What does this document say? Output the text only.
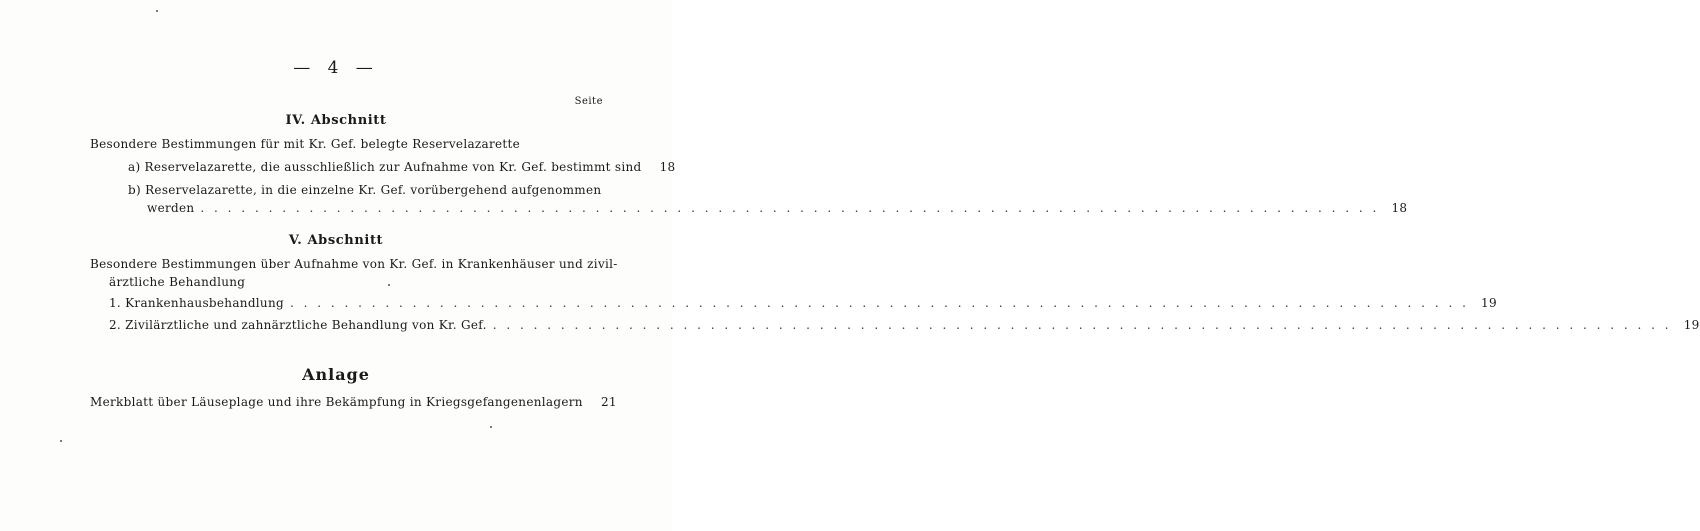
— 4 —
Seite
IV. Abschnitt
Besondere Bestimmungen für mit Kr. Gef. belegte Reservelazarette
a) Reservelazarette, die ausschließlich zur Aufnahme von Kr. Gef. bestimmt sind	18
b) Reservelazarette, in die einzelne Kr. Gef. vorübergehend aufgenommen
werden . . .	18
V. Abschnitt
Besondere Bestimmungen über Aufnahme von Kr. Gef. in Krankenhäuser und zivil-
ärztliche Behandlung
1. Krankenhausbehandlung . . .	19
2. Zivilärztliche und zahnärztliche Behandlung von Kr. Gef. . . .	19
Anlage
Merkblatt über Läuseplage und ihre Bekämpfung in Kriegsgefangenenlagern	21
